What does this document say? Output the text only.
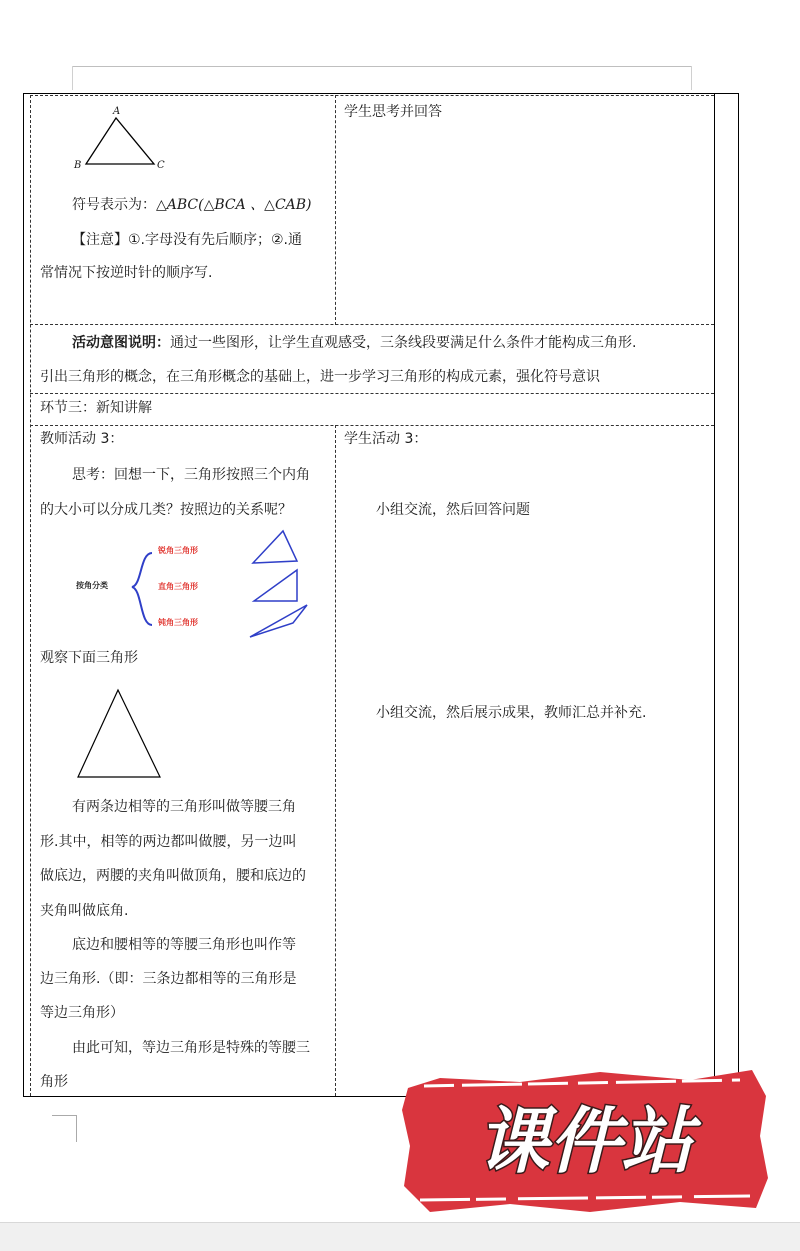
A
B	C
符号表示为：△ABC(△BCA 、△CAB)
【注意】①.字母没有先后顺序；②.通
常情况下按逆时针的顺序写.
学生思考并回答
活动意图说明：通过一些图形，让学生直观感受，三条线段要满足什么条件才能构成三角形.
引出三角形的概念，在三角形概念的基础上，进一步学习三角形的构成元素，强化符号意识
环节三：新知讲解
教师活动 3：
思考：回想一下，三角形按照三个内角
的大小可以分成几类？按照边的关系呢？
按角分类
锐角三角形
直角三角形
钝角三角形
观察下面三角形
有两条边相等的三角形叫做等腰三角
形.其中，相等的两边都叫做腰，另一边叫
做底边，两腰的夹角叫做顶角，腰和底边的
夹角叫做底角.
底边和腰相等的等腰三角形也叫作等
边三角形.（即：三条边都相等的三角形是
等边三角形）
由此可知，等边三角形是特殊的等腰三
角形
学生活动 3：
小组交流，然后回答问题
小组交流，然后展示成果，教师汇总并补充.
课件站
